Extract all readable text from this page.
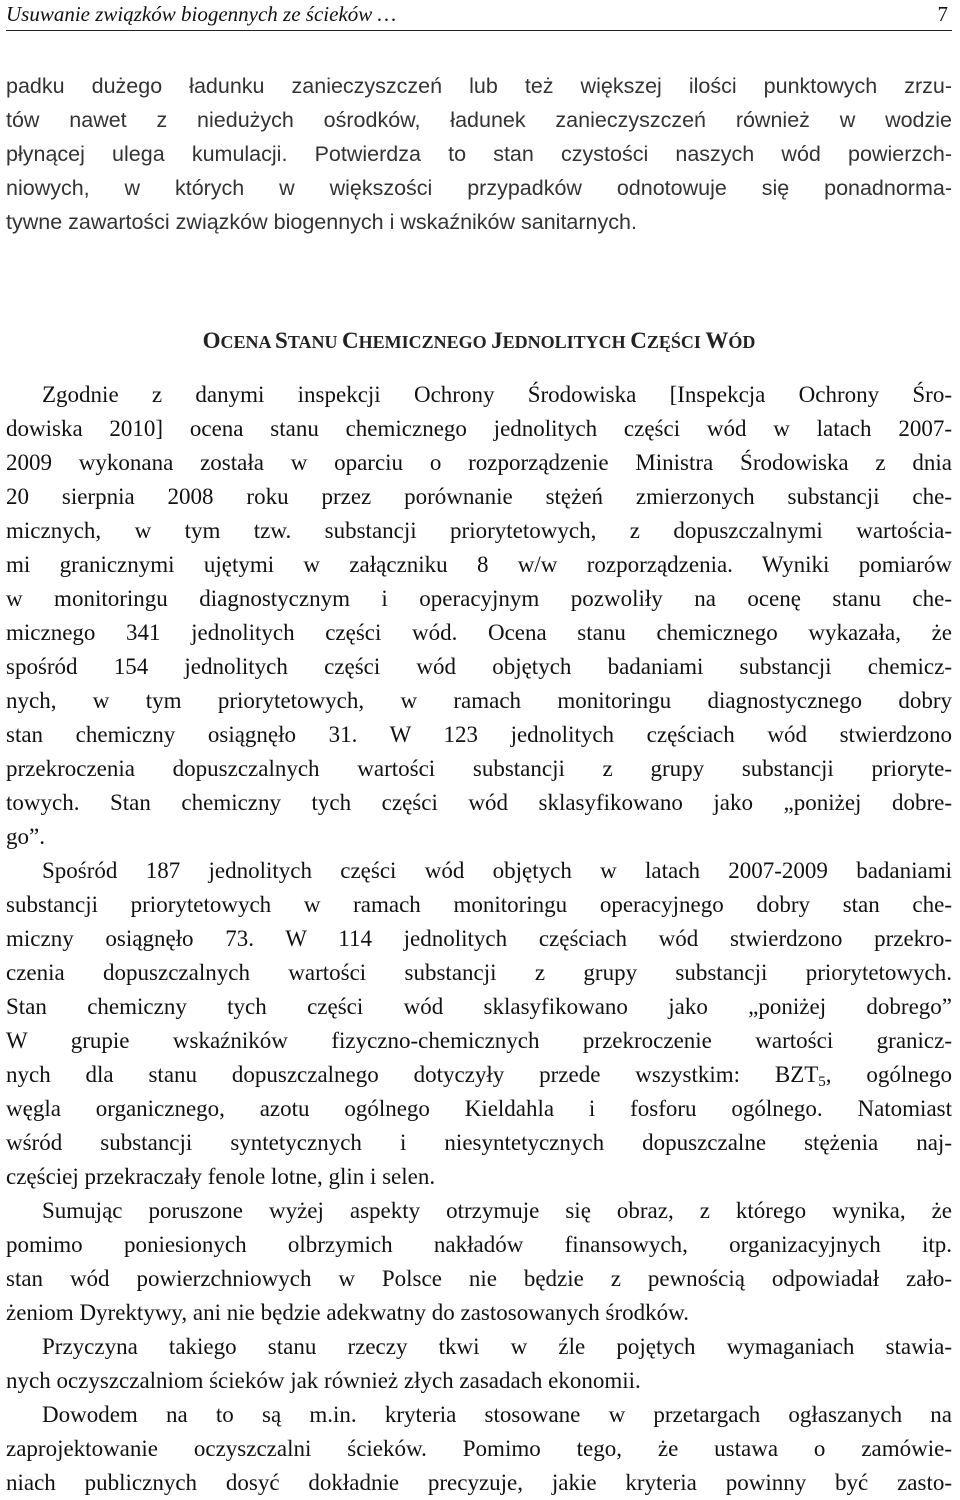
Usuwanie związków biogennych ze ścieków …	7
padku dużego ładunku zanieczyszczeń lub też większej ilości punktowych zrzu-
tów nawet z niedużych ośrodków, ładunek zanieczyszczeń również w wodzie
płynącej ulega kumulacji. Potwierdza to stan czystości naszych wód powierzch-
niowych, w których w większości przypadków odnotowuje się ponadnorma-
tywne zawartości związków biogennych i wskaźników sanitarnych.
OCENA STANU CHEMICZNEGO JEDNOLITYCH CZĘŚCI WÓD
Zgodnie z danymi inspekcji Ochrony Środowiska [Inspekcja Ochrony Śro-
dowiska 2010] ocena stanu chemicznego jednolitych części wód w latach 2007-
2009 wykonana została w oparciu o rozporządzenie Ministra Środowiska z dnia
20 sierpnia 2008 roku przez porównanie stężeń zmierzonych substancji che-
micznych, w tym tzw. substancji priorytetowych, z dopuszczalnymi wartościa-
mi granicznymi ujętymi w załączniku 8 w/w rozporządzenia. Wyniki pomiarów
w monitoringu diagnostycznym i operacyjnym pozwoliły na ocenę stanu che-
micznego 341 jednolitych części wód. Ocena stanu chemicznego wykazała, że
spośród 154 jednolitych części wód objętych badaniami substancji chemicz-
nych, w tym priorytetowych, w ramach monitoringu diagnostycznego dobry
stan chemiczny osiągnęło 31. W 123 jednolitych częściach wód stwierdzono
przekroczenia dopuszczalnych wartości substancji z grupy substancji prioryte-
towych. Stan chemiczny tych części wód sklasyfikowano jako „poniżej dobre-
go”.
Spośród 187 jednolitych części wód objętych w latach 2007-2009 badaniami
substancji priorytetowych w ramach monitoringu operacyjnego dobry stan che-
miczny osiągnęło 73. W 114 jednolitych częściach wód stwierdzono przekro-
czenia dopuszczalnych wartości substancji z grupy substancji priorytetowych.
Stan chemiczny tych części wód sklasyfikowano jako „poniżej dobrego”
W grupie wskaźników fizyczno-chemicznych przekroczenie wartości granicz-
nych dla stanu dopuszczalnego dotyczyły przede wszystkim: $BZT_5$, ogólnego
węgla organicznego, azotu ogólnego Kieldahla i fosforu ogólnego. Natomiast
wśród substancji syntetycznych i niesyntetycznych dopuszczalne stężenia naj-
częściej przekraczały fenole lotne, glin i selen.
Sumując poruszone wyżej aspekty otrzymuje się obraz, z którego wynika, że
pomimo poniesionych olbrzymich nakładów finansowych, organizacyjnych itp.
stan wód powierzchniowych w Polsce nie będzie z pewnością odpowiadał zało-
żeniom Dyrektywy, ani nie będzie adekwatny do zastosowanych środków.
Przyczyna takiego stanu rzeczy tkwi w źle pojętych wymaganiach stawia-
nych oczyszczalniom ścieków jak również złych zasadach ekonomii.
Dowodem na to są m.in. kryteria stosowane w przetargach ogłaszanych na
zaprojektowanie oczyszczalni ścieków. Pomimo tego, że ustawa o zamówie-
niach publicznych dosyć dokładnie precyzuje, jakie kryteria powinny być zasto-
